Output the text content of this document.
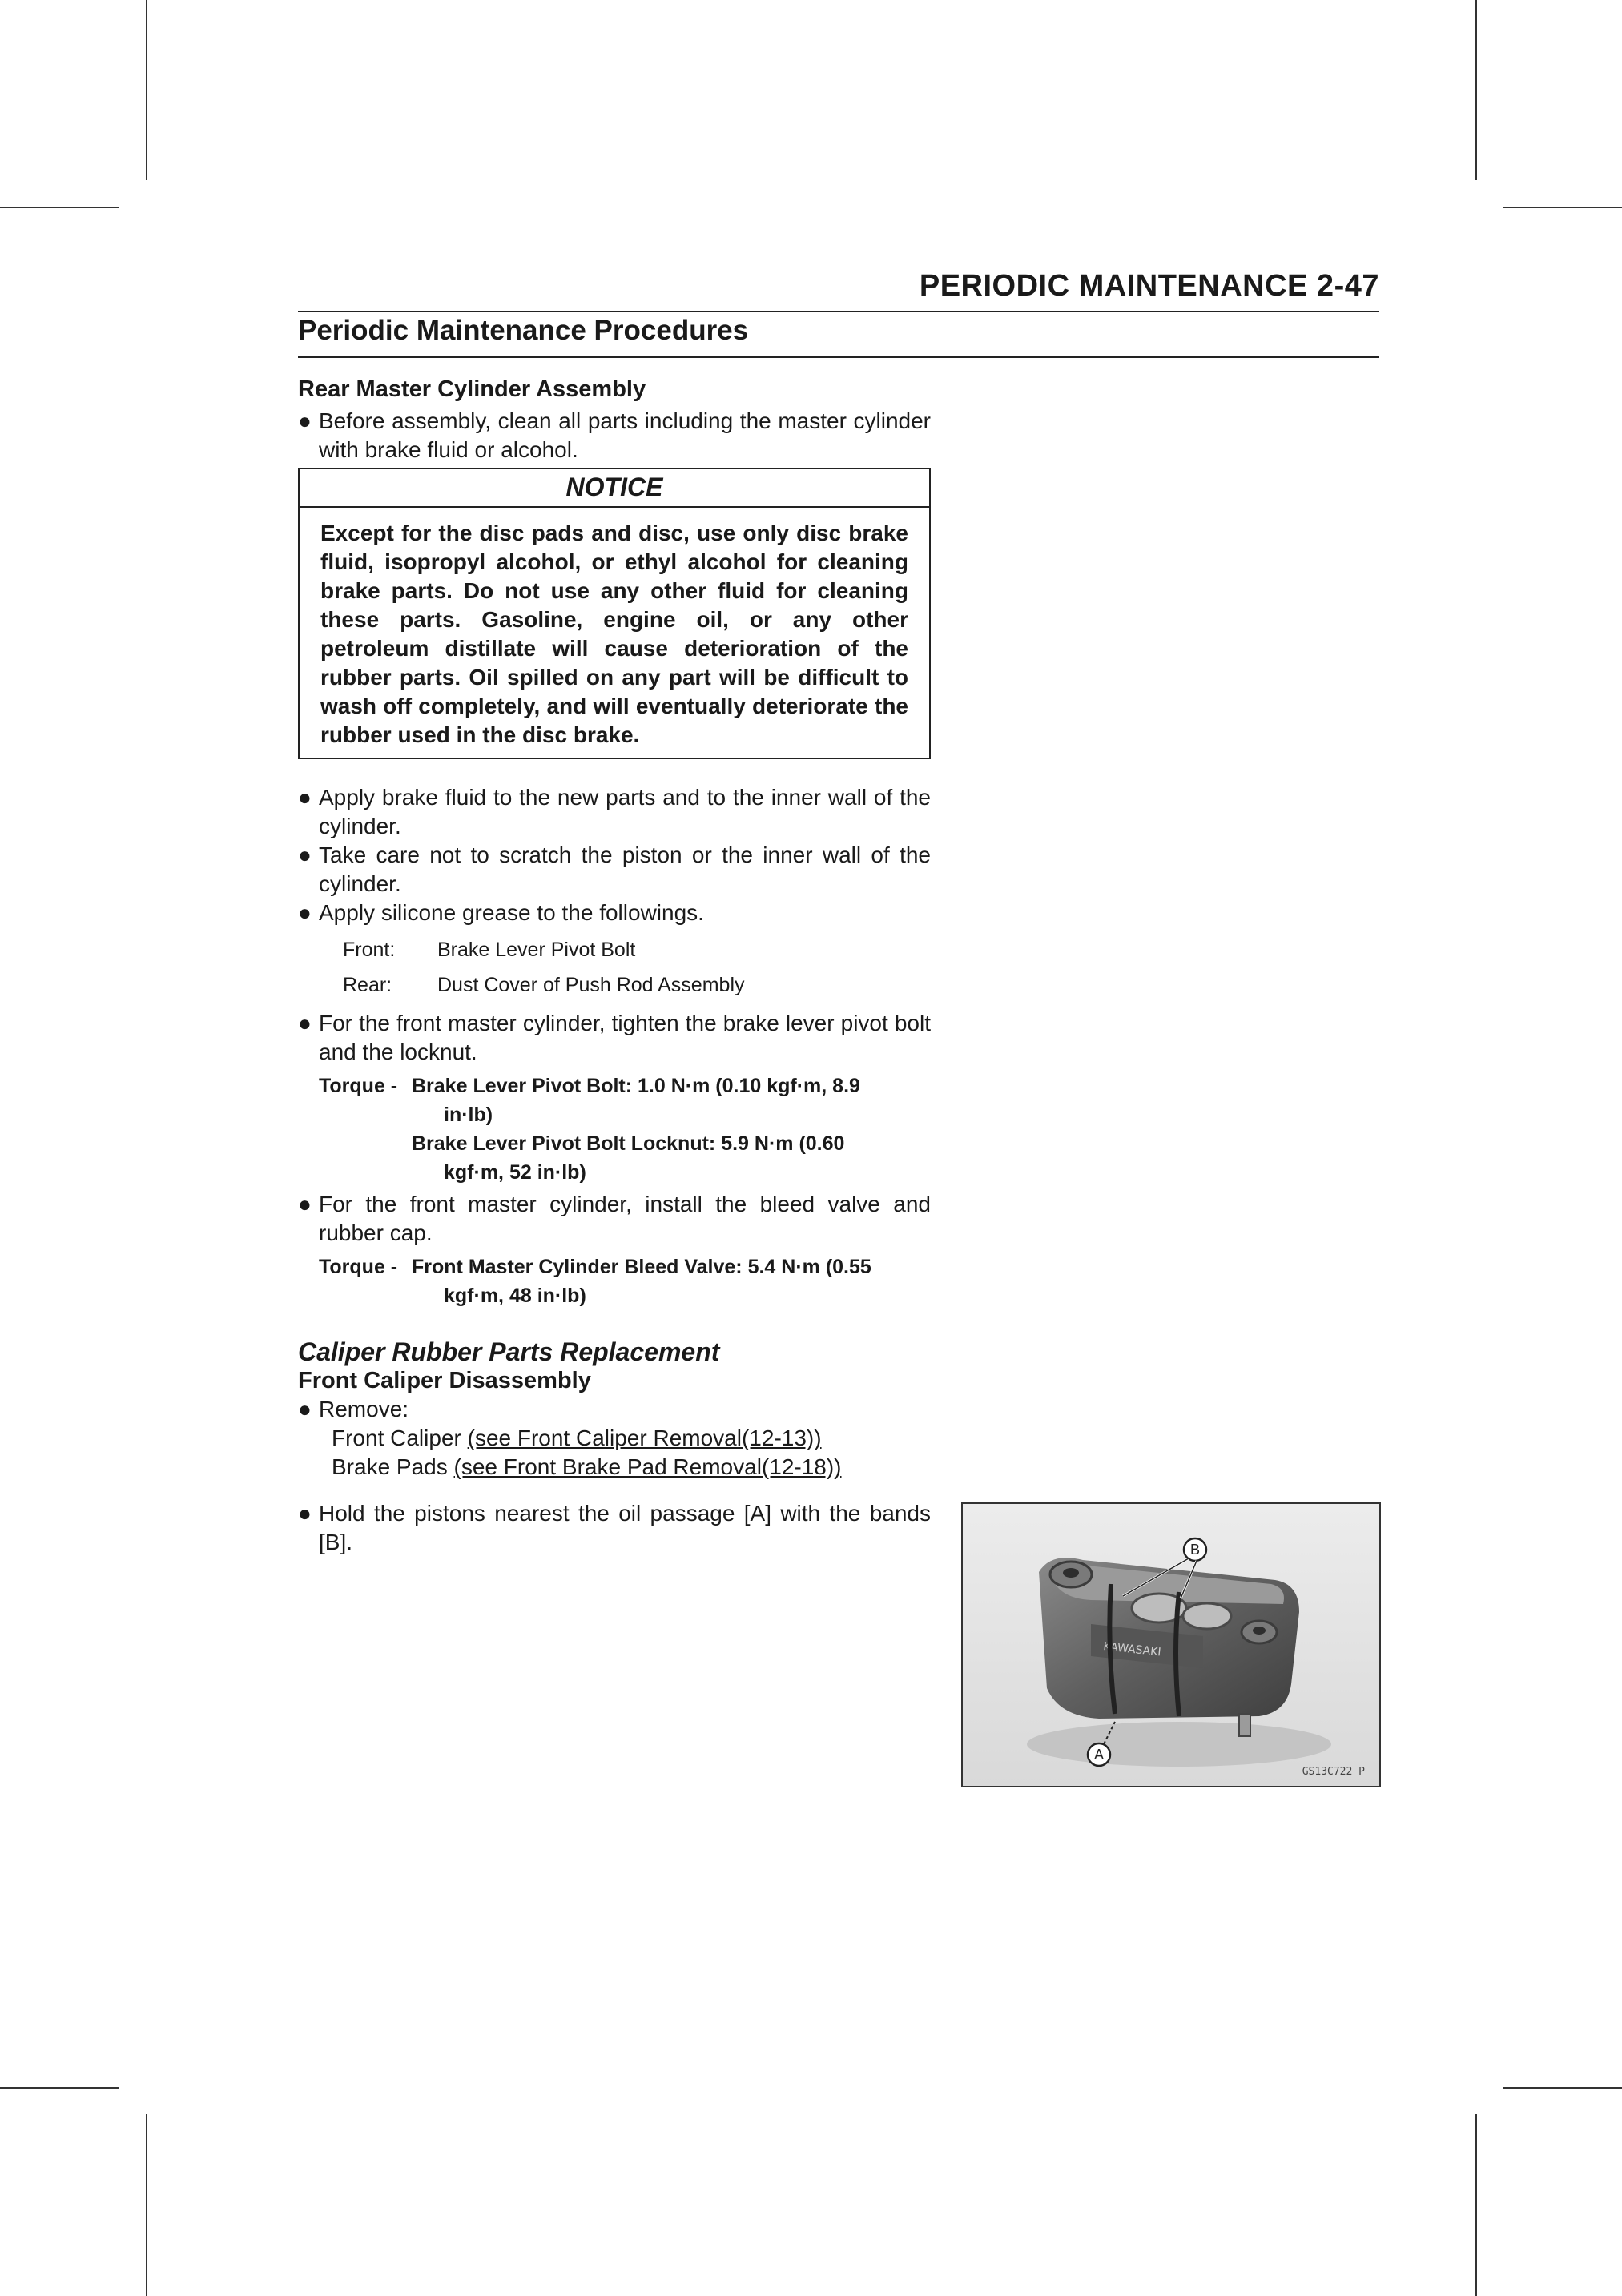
PERIODIC MAINTENANCE 2-47
Periodic Maintenance Procedures

Rear Master Cylinder Assembly

● Before assembly, clean all parts including the master cylinder with brake fluid or alcohol.
NOTICE
Except for the disc pads and disc, use only disc brake fluid, isopropyl alcohol, or ethyl alcohol for cleaning brake parts. Do not use any other fluid for cleaning these parts. Gasoline, engine oil, or any other petroleum distillate will cause deterioration of the rubber parts. Oil spilled on any part will be difficult to wash off completely, and will eventually deteriorate the rubber used in the disc brake.
● Apply brake fluid to the new parts and to the inner wall of the cylinder.
● Take care not to scratch the piston or the inner wall of the cylinder.
● Apply silicone grease to the followings.
Front:	Brake Lever Pivot Bolt
Rear:	Dust Cover of Push Rod Assembly
● For the front master cylinder, tighten the brake lever pivot bolt and the locknut.
Torque - Brake Lever Pivot Bolt: 1.0 N·m (0.10 kgf·m, 8.9
in·lb)
Brake Lever Pivot Bolt Locknut: 5.9 N·m (0.60
kgf·m, 52 in·lb)
● For the front master cylinder, install the bleed valve and rubber cap.
Torque - Front Master Cylinder Bleed Valve: 5.4 N·m (0.55
kgf·m, 48 in·lb)

Caliper Rubber Parts Replacement

Front Caliper Disassembly

● Remove:
Front Caliper (see Front Caliper Removal(12-13))
Brake Pads (see Front Brake Pad Removal(12-18))
● Hold the pistons nearest the oil passage [A] with the bands [B].
KAWASAKI
B
A
GS13C722 P
